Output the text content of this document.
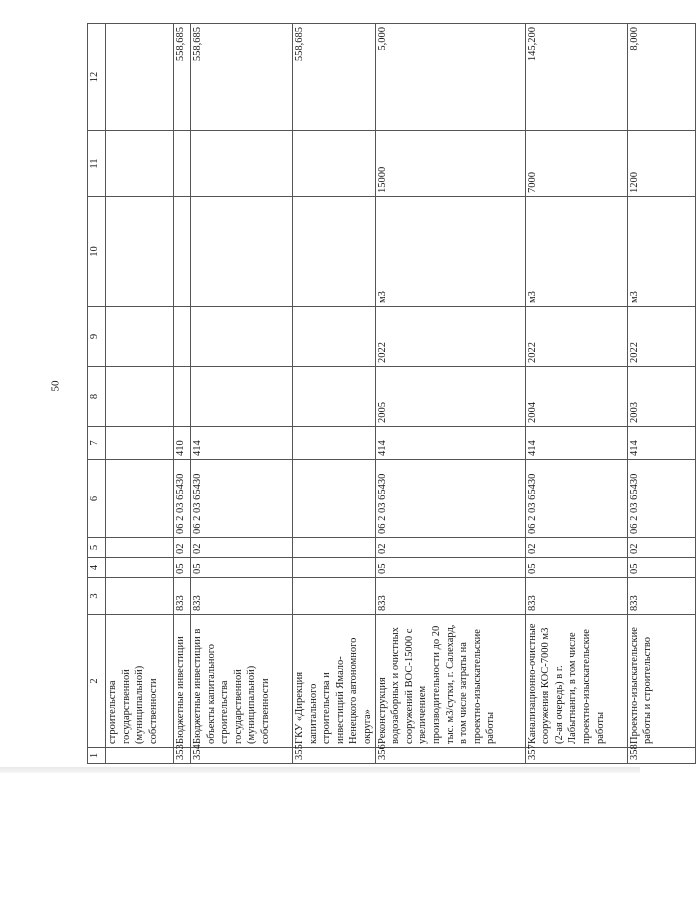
50
1	2	3	4	5	6	7	8	9	10	11	12
	строительства государственной (муниципальной) собственности										
353	Бюджетные инвестиции	833	05	02	06 2 03 65430	410					558,685
354	Бюджетные инвестиции в объекты капитального строительства государственной (муниципальной) собственности	833	05	02	06 2 03 65430	414					558,685
355	ГКУ «Дирекция капитального строительства и инвестиций Ямало-Ненецкого автономного округа»										558,685
356	Реконструкция водозаборных и очистных сооружений ВОС-15000 с увеличением производительности до 20 тыс. м3/сутки, г. Салехард, в том числе затраты на проектно-изыскательские работы	833	05	02	06 2 03 65430	414	2005	2022	м3	15000	5,000
357	Канализационно-очистные сооружения КОС-7000 м3 (2-ая очередь) в г. Лабытнанги, в том числе проектно-изыскательские работы	833	05	02	06 2 03 65430	414	2004	2022	м3	7000	145,200
358	Проектно-изыскательские работы и строительство	833	05	02	06 2 03 65430	414	2003	2022	м3	1200	8,000
